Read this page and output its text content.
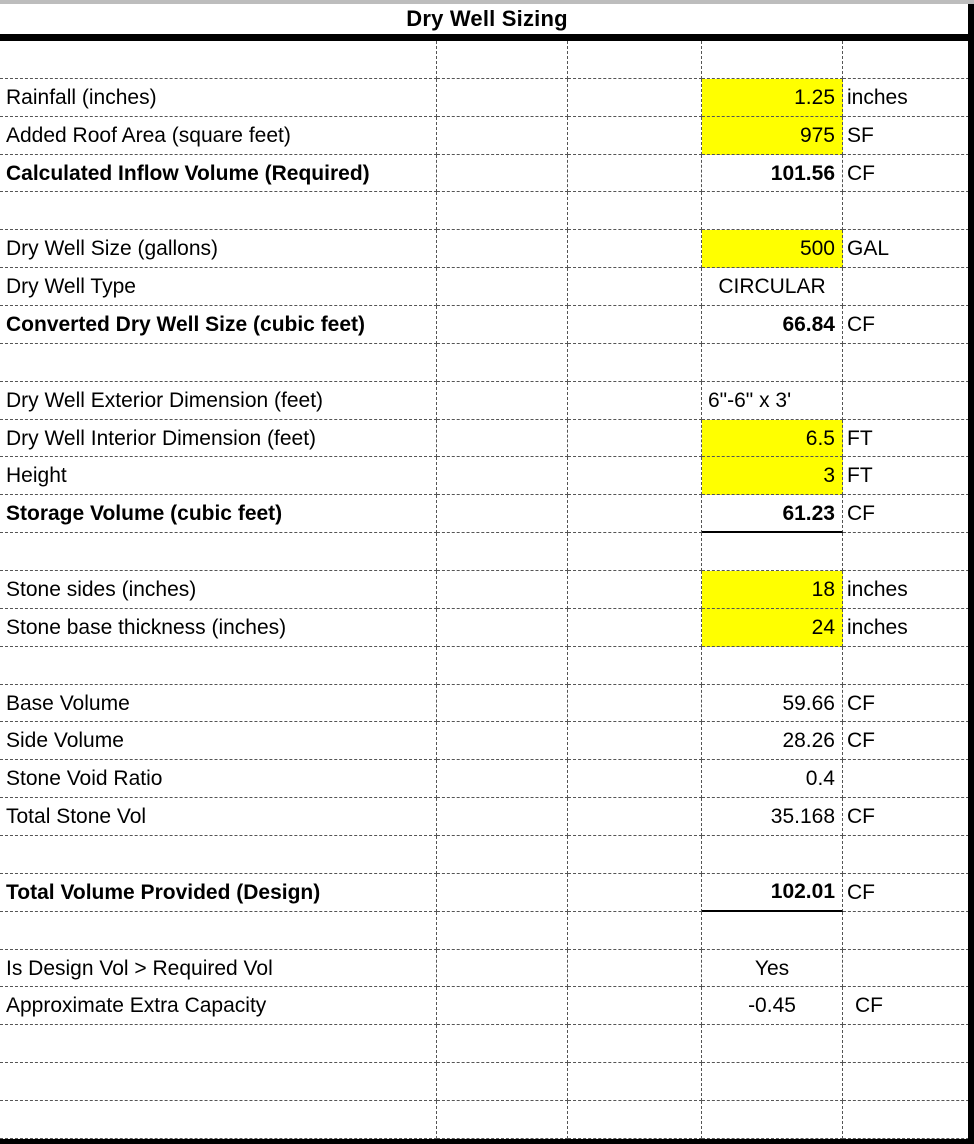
Dry Well Sizing
Rainfall (inches)	1.25 inches
Added Roof Area (square feet)	975 SF
Calculated Inflow Volume (Required)	101.56 CF
Dry Well Size (gallons)	500 GAL
Dry Well Type	CIRCULAR
Converted Dry Well Size (cubic feet)	66.84 CF
Dry Well Exterior Dimension (feet)	6"-6" x 3'
Dry Well Interior Dimension (feet)	6.5 FT
Height	3 FT
Storage Volume (cubic feet)	61.23 CF
Stone sides (inches)	18 inches
Stone base thickness (inches)	24 inches
Base Volume	59.66 CF
Side Volume	28.26 CF
Stone Void Ratio	0.4
Total Stone Vol	35.168 CF
Total Volume Provided (Design)	102.01 CF
Is Design Vol > Required Vol	Yes
Approximate Extra Capacity	-0.45	CF
